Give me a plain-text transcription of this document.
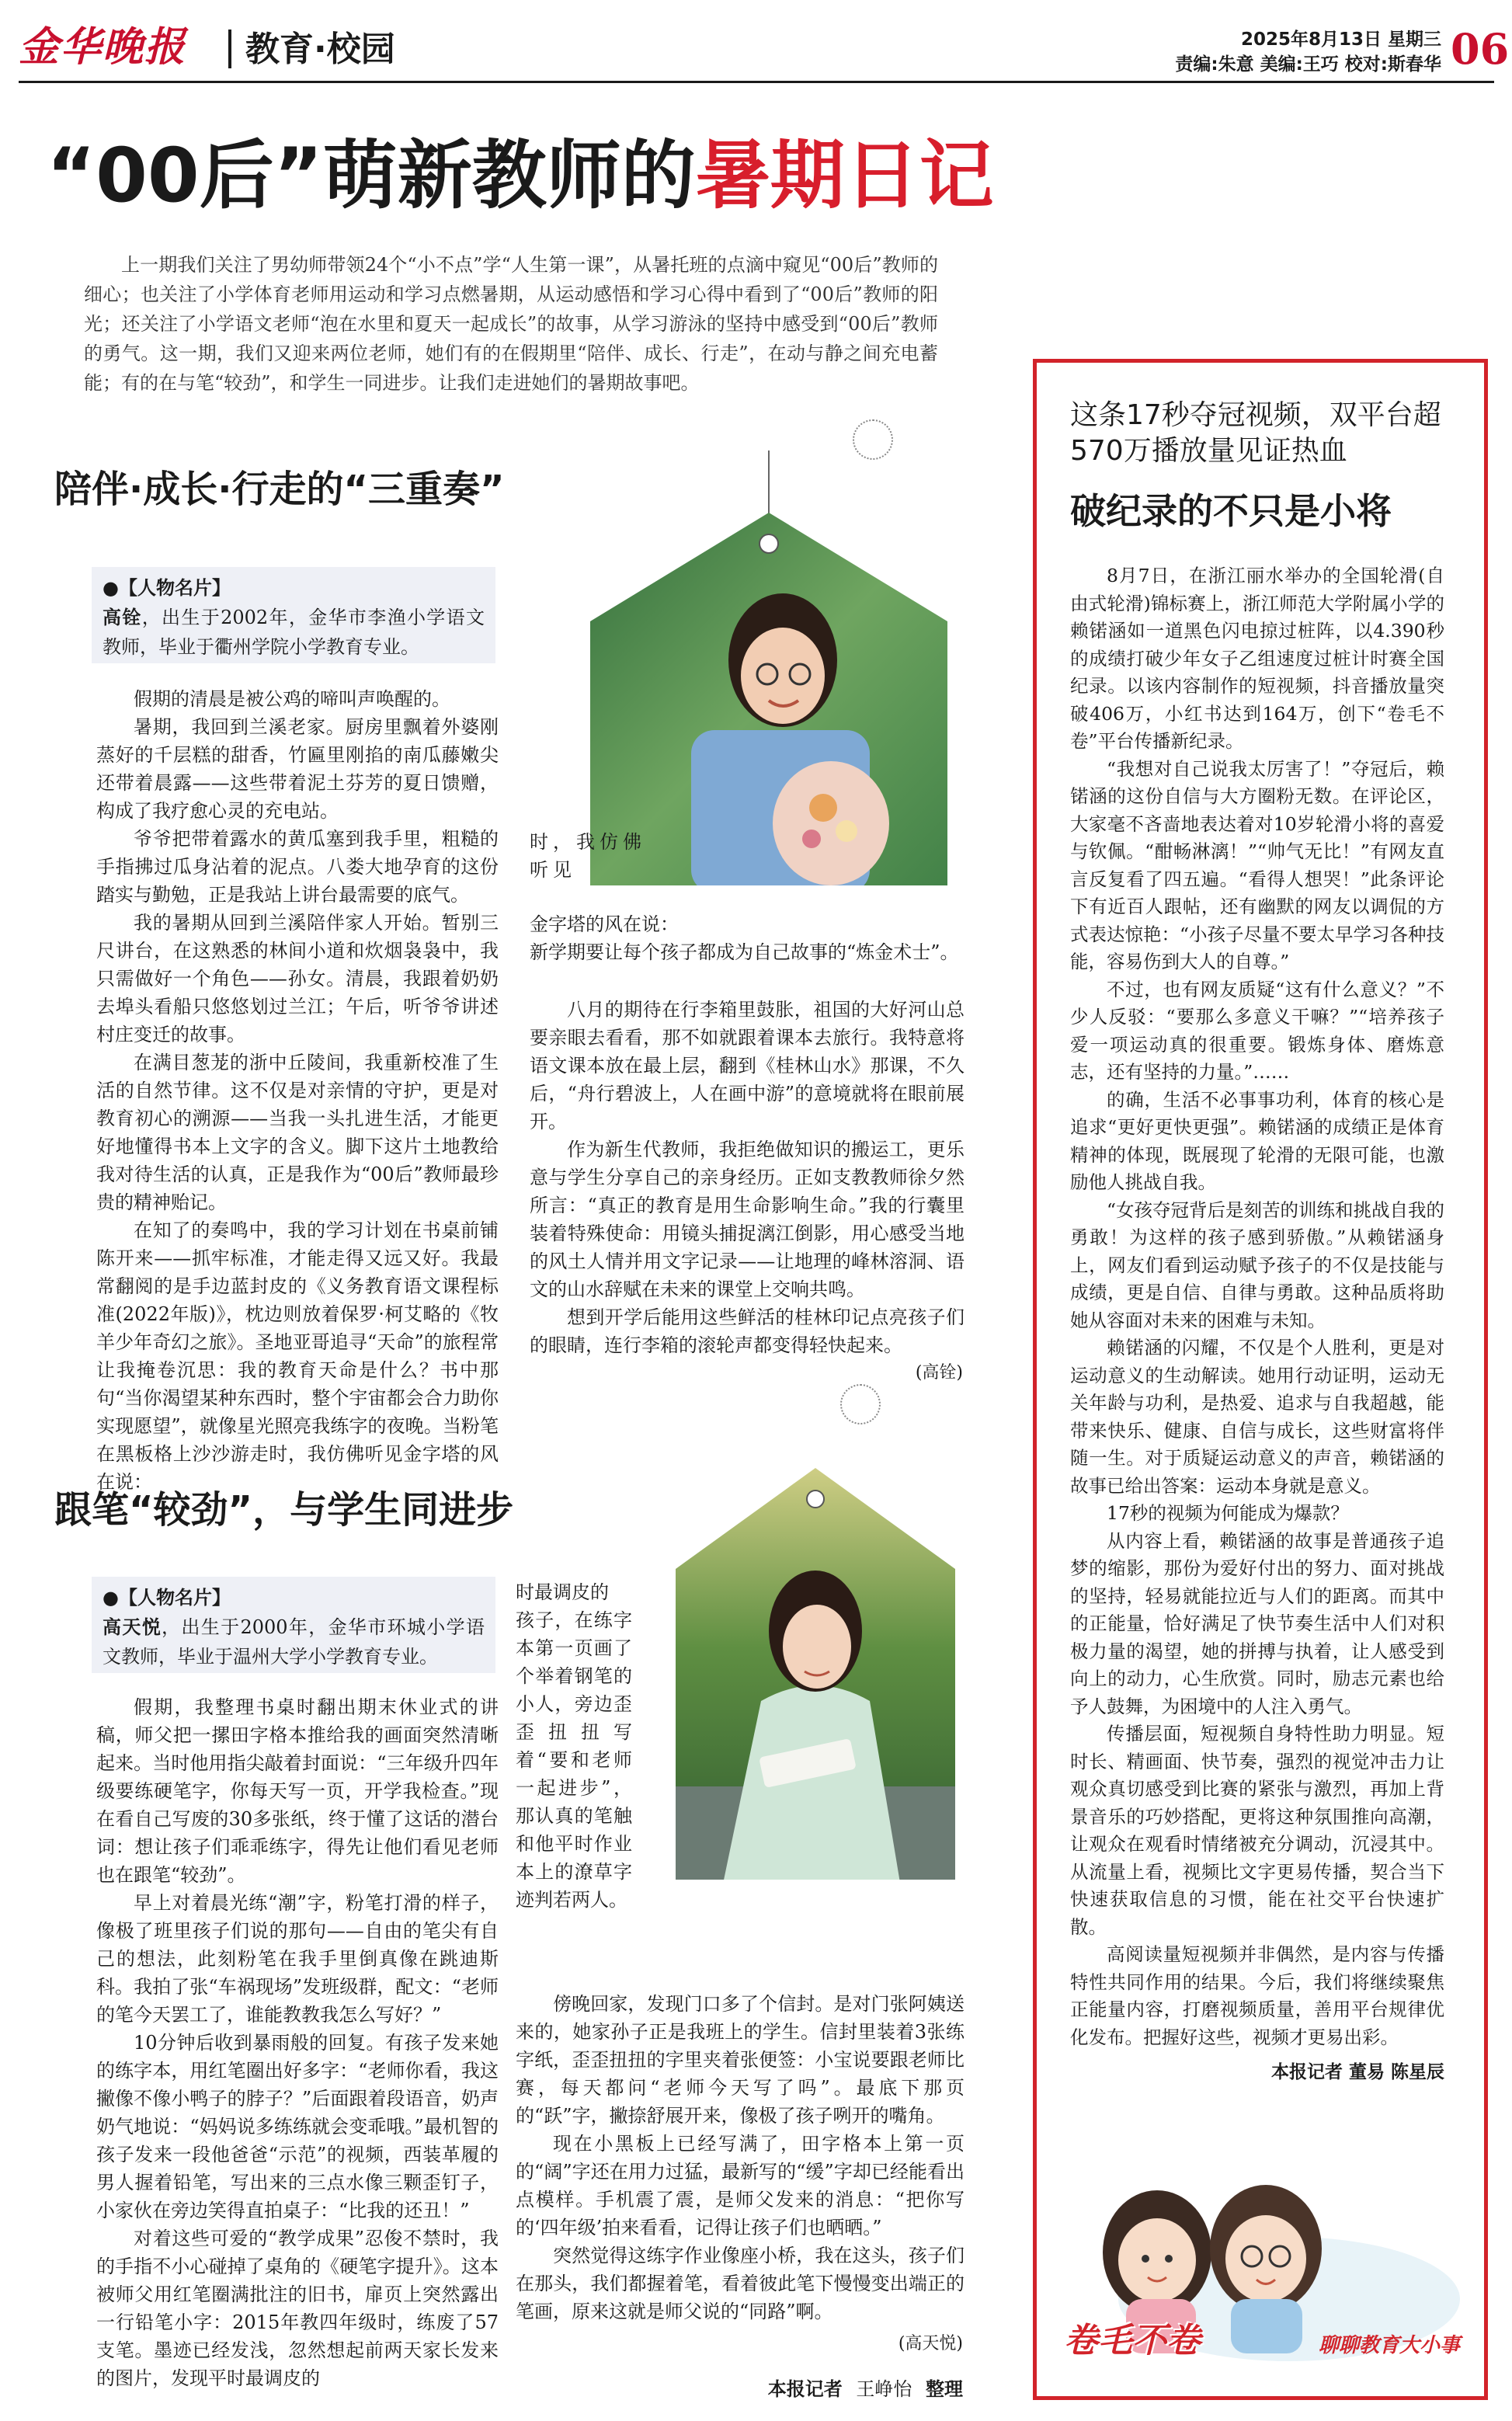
金华晚报 教育·校园	2025年8月13日 星期三
责编:朱意 美编:王巧 校对:斯春华 06
“00后”萌新教师的暑期日记

上一期我们关注了男幼师带领24个“小不点”学“人生第一课”，从暑托班的点滴中窥见“00后”教师的细心；也关注了小学体育老师用运动和学习点燃暑期，从运动感悟和学习心得中看到了“00后”教师的阳光；还关注了小学语文老师“泡在水里和夏天一起成长”的故事，从学习游泳的坚持中感受到“00后”教师的勇气。这一期，我们又迎来两位老师，她们有的在假期里“陪伴、成长、行走”，在动与静之间充电蓄能；有的在与笔“较劲”，和学生一同进步。让我们走进她们的暑期故事吧。

陪伴·成长·行走的“三重奏”
●【人物名片】
高铨，出生于2002年，金华市李渔小学语文教师，毕业于衢州学院小学教育专业。

假期的清晨是被公鸡的啼叫声唤醒的。

暑期，我回到兰溪老家。厨房里飘着外婆刚蒸好的千层糕的甜香，竹匾里刚掐的南瓜藤嫩尖还带着晨露——这些带着泥土芬芳的夏日馈赠，构成了我疗愈心灵的充电站。

爷爷把带着露水的黄瓜塞到我手里，粗糙的手指拂过瓜身沾着的泥点。八娄大地孕育的这份踏实与勤勉，正是我站上讲台最需要的底气。

我的暑期从回到兰溪陪伴家人开始。暂别三尺讲台，在这熟悉的林间小道和炊烟袅袅中，我只需做好一个角色——孙女。清晨，我跟着奶奶去埠头看船只悠悠划过兰江；午后，听爷爷讲述村庄变迁的故事。

在满目葱茏的浙中丘陵间，我重新校准了生活的自然节律。这不仅是对亲情的守护，更是对教育初心的溯源——当我一头扎进生活，才能更好地懂得书本上文字的含义。脚下这片土地教给我对待生活的认真，正是我作为“00后”教师最珍贵的精神贻记。

在知了的奏鸣中，我的学习计划在书桌前铺陈开来——抓牢标准，才能走得又远又好。我最常翻阅的是手边蓝封皮的《义务教育语文课程标准(2022年版)》，枕边则放着保罗·柯艾略的《牧羊少年奇幻之旅》。圣地亚哥追寻“天命”的旅程常让我掩卷沉思：我的教育天命是什么？书中那句“当你渴望某种东西时，整个宇宙都会合力助你实现愿望”，就像星光照亮我练字的夜晚。当粉笔在黑板格上沙沙游走时，我仿佛听见金字塔的风在说：

时，我仿佛听见
金字塔的风在说：
新学期要让每个孩子都成为自己故事的“炼金术士”。

八月的期待在行李箱里鼓胀，祖国的大好河山总要亲眼去看看，那不如就跟着课本去旅行。我特意将语文课本放在最上层，翻到《桂林山水》那课，不久后，“舟行碧波上，人在画中游”的意境就将在眼前展开。

作为新生代教师，我拒绝做知识的搬运工，更乐意与学生分享自己的亲身经历。正如支教教师徐夕然所言：“真正的教育是用生命影响生命。”我的行囊里装着特殊使命：用镜头捕捉漓江倒影，用心感受当地的风土人情并用文字记录——让地理的峰林溶洞、语文的山水辞赋在未来的课堂上交响共鸣。

想到开学后能用这些鲜活的桂林印记点亮孩子们的眼睛，连行李箱的滚轮声都变得轻快起来。

(高铨)
跟笔“较劲”，与学生同进步
●【人物名片】
高天悦，出生于2000年，金华市环城小学语文教师，毕业于温州大学小学教育专业。

假期，我整理书桌时翻出期末休业式的讲稿，师父把一摞田字格本推给我的画面突然清晰起来。当时他用指尖敲着封面说：“三年级升四年级要练硬笔字，你每天写一页，开学我检查。”现在看自己写废的30多张纸，终于懂了这话的潜台词：想让孩子们乖乖练字，得先让他们看见老师也在跟笔“较劲”。

早上对着晨光练“潮”字，粉笔打滑的样子，像极了班里孩子们说的那句——自由的笔尖有自己的想法，此刻粉笔在我手里倒真像在跳迪斯科。我拍了张“车祸现场”发班级群，配文：“老师的笔今天罢工了，谁能教教我怎么写好？”

10分钟后收到暴雨般的回复。有孩子发来她的练字本，用红笔圈出好多字：“老师你看，我这撇像不像小鸭子的脖子？”后面跟着段语音，奶声奶气地说：“妈妈说多练练就会变乖哦。”最机智的孩子发来一段他爸爸“示范”的视频，西装革履的男人握着铅笔，写出来的三点水像三颗歪钉子，小家伙在旁边笑得直拍桌子：“比我的还丑！”

对着这些可爱的“教学成果”忍俊不禁时，我的手指不小心碰掉了桌角的《硬笔字提升》。这本被师父用红笔圈满批注的旧书，扉页上突然露出一行铅笔小字：2015年教四年级时，练废了57支笔。墨迹已经发浅，忽然想起前两天家长发来的图片，发现平时最调皮的

时最调皮的
孩子，在练字本第一页画了个举着钢笔的小人，旁边歪歪扭扭写着“要和老师一起进步”，那认真的笔触和他平时作业本上的潦草字迹判若两人。

傍晚回家，发现门口多了个信封。是对门张阿姨送来的，她家孙子正是我班上的学生。信封里装着3张练字纸，歪歪扭扭的字里夹着张便签：小宝说要跟老师比赛，每天都问“老师今天写了吗”。最底下那页的“跃”字，撇捺舒展开来，像极了孩子咧开的嘴角。

现在小黑板上已经写满了，田字格本上第一页的“阔”字还在用力过猛，最新写的“缓”字却已经能看出点模样。手机震了震，是师父发来的消息：“把你写的‘四年级’拍来看看，记得让孩子们也晒晒。”

突然觉得这练字作业像座小桥，我在这头，孩子们在那头，我们都握着笔，看着彼此笔下慢慢变出端正的笔画，原来这就是师父说的“同路”啊。

(高天悦)
本报记者 王峥怡 整理
这条17秒夺冠视频，双平台超570万播放量见证热血
破纪录的不只是小将

8月7日，在浙江丽水举办的全国轮滑(自由式轮滑)锦标赛上，浙江师范大学附属小学的赖锘涵如一道黑色闪电掠过桩阵，以4.390秒的成绩打破少年女子乙组速度过桩计时赛全国纪录。以该内容制作的短视频，抖音播放量突破406万，小红书达到164万，创下“卷毛不卷”平台传播新纪录。

“我想对自己说我太厉害了！”夺冠后，赖锘涵的这份自信与大方圈粉无数。在评论区，大家毫不吝啬地表达着对10岁轮滑小将的喜爱与钦佩。“酣畅淋漓！”“帅气无比！”有网友直言反复看了四五遍。“看得人想哭！”此条评论下有近百人跟帖，还有幽默的网友以调侃的方式表达惊艳：“小孩子尽量不要太早学习各种技能，容易伤到大人的自尊。”

不过，也有网友质疑“这有什么意义？”不少人反驳：“要那么多意义干嘛？”“培养孩子爱一项运动真的很重要。锻炼身体、磨炼意志，还有坚持的力量。”……

的确，生活不必事事功利，体育的核心是追求“更好更快更强”。赖锘涵的成绩正是体育精神的体现，既展现了轮滑的无限可能，也激励他人挑战自我。

“女孩夺冠背后是刻苦的训练和挑战自我的勇敢！为这样的孩子感到骄傲。”从赖锘涵身上，网友们看到运动赋予孩子的不仅是技能与成绩，更是自信、自律与勇敢。这种品质将助她从容面对未来的困难与未知。

赖锘涵的闪耀，不仅是个人胜利，更是对运动意义的生动解读。她用行动证明，运动无关年龄与功利，是热爱、追求与自我超越，能带来快乐、健康、自信与成长，这些财富将伴随一生。对于质疑运动意义的声音，赖锘涵的故事已给出答案：运动本身就是意义。

17秒的视频为何能成为爆款？

从内容上看，赖锘涵的故事是普通孩子追梦的缩影，那份为爱好付出的努力、面对挑战的坚持，轻易就能拉近与人们的距离。而其中的正能量，恰好满足了快节奏生活中人们对积极力量的渴望，她的拼搏与执着，让人感受到向上的动力，心生欣赏。同时，励志元素也给予人鼓舞，为困境中的人注入勇气。

传播层面，短视频自身特性助力明显。短时长、精画面、快节奏，强烈的视觉冲击力让观众真切感受到比赛的紧张与激烈，再加上背景音乐的巧妙搭配，更将这种氛围推向高潮，让观众在观看时情绪被充分调动，沉浸其中。从流量上看，视频比文字更易传播，契合当下快速获取信息的习惯，能在社交平台快速扩散。

高阅读量短视频并非偶然，是内容与传播特性共同作用的结果。今后，我们将继续聚焦正能量内容，打磨视频质量，善用平台规律优化发布。把握好这些，视频才更易出彩。

本报记者 董易 陈星辰
卷毛不卷	聊聊教育大小事
